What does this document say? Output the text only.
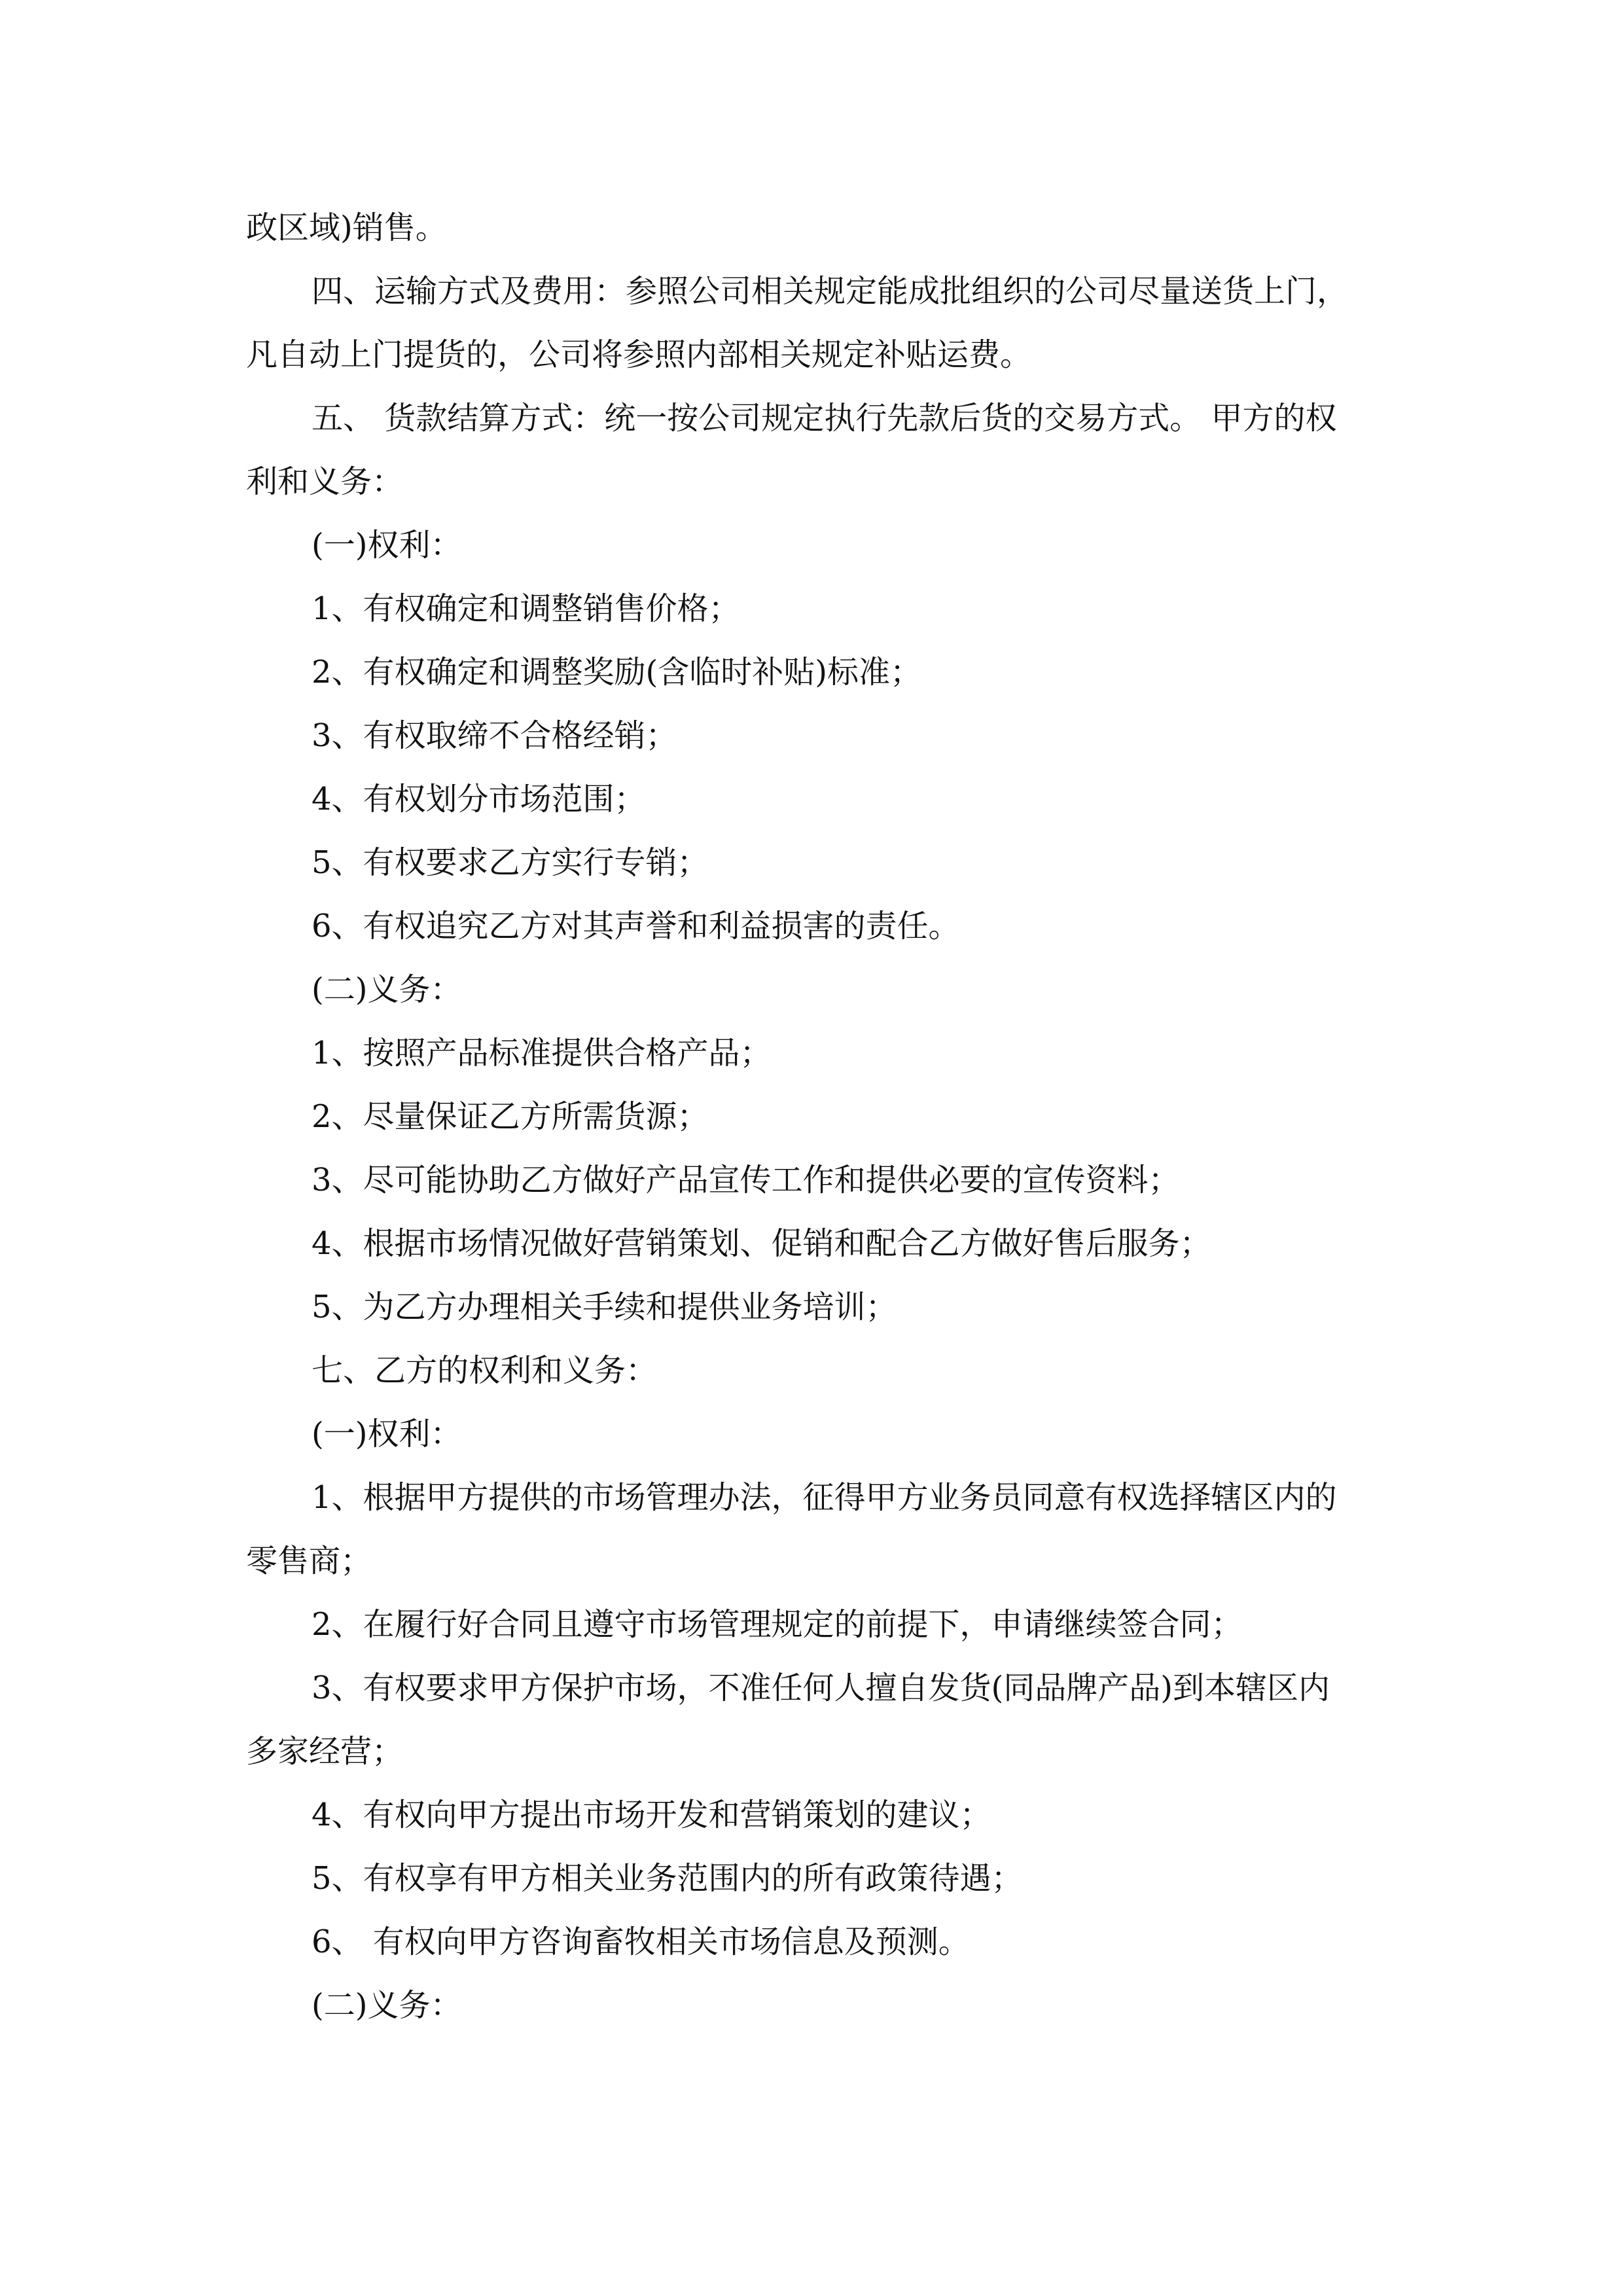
政区域)销售。

四、运输方式及费用：参照公司相关规定能成批组织的公司尽量送货上门，

凡自动上门提货的，公司将参照内部相关规定补贴运费。

五、 货款结算方式：统一按公司规定执行先款后货的交易方式。 甲方的权

利和义务：

(一)权利：

1、有权确定和调整销售价格；

2、有权确定和调整奖励(含临时补贴)标准；

3、有权取缔不合格经销；

4、有权划分市场范围；

5、有权要求乙方实行专销；

6、有权追究乙方对其声誉和利益损害的责任。

(二)义务：

1、按照产品标准提供合格产品；

2、尽量保证乙方所需货源；

3、尽可能协助乙方做好产品宣传工作和提供必要的宣传资料；

4、根据市场情况做好营销策划、促销和配合乙方做好售后服务；

5、为乙方办理相关手续和提供业务培训；

七、乙方的权利和义务：

(一)权利：

1、根据甲方提供的市场管理办法，征得甲方业务员同意有权选择辖区内的

零售商；

2、在履行好合同且遵守市场管理规定的前提下，申请继续签合同；

3、有权要求甲方保护市场，不准任何人擅自发货(同品牌产品)到本辖区内

多家经营；

4、有权向甲方提出市场开发和营销策划的建议；

5、有权享有甲方相关业务范围内的所有政策待遇；

6、 有权向甲方咨询畜牧相关市场信息及预测。

(二)义务：
